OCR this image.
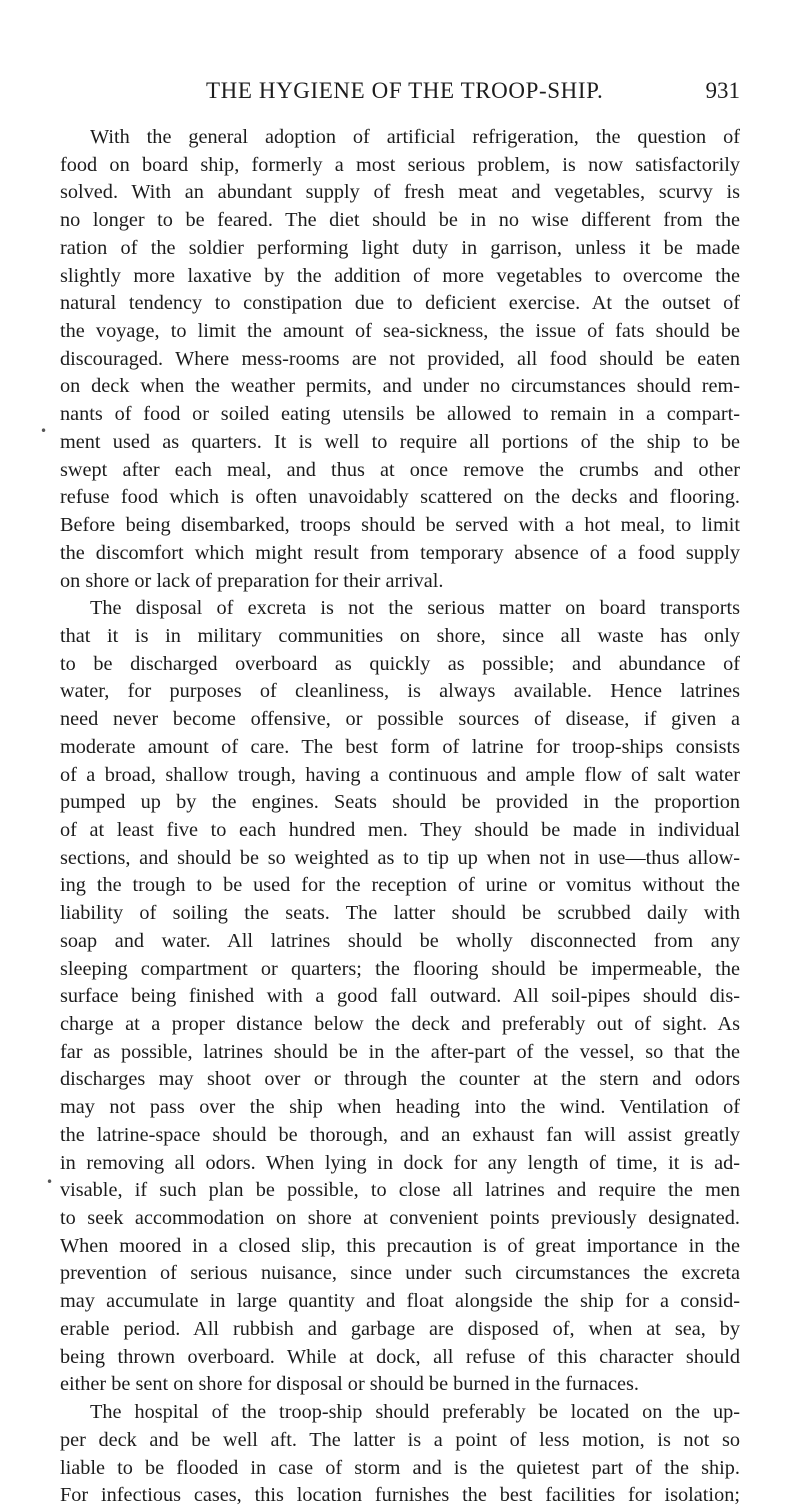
THE HYGIENE OF THE TROOP-SHIP.	931
With the general adoption of artificial refrigeration, the question of
food on board ship, formerly a most serious problem, is now satisfactorily
solved. With an abundant supply of fresh meat and vegetables, scurvy is
no longer to be feared. The diet should be in no wise different from the
ration of the soldier performing light duty in garrison, unless it be made
slightly more laxative by the addition of more vegetables to overcome the
natural tendency to constipation due to deficient exercise. At the outset of
the voyage, to limit the amount of sea-sickness, the issue of fats should be
discouraged. Where mess-rooms are not provided, all food should be eaten
on deck when the weather permits, and under no circumstances should rem-
nants of food or soiled eating utensils be allowed to remain in a compart-
ment used as quarters. It is well to require all portions of the ship to be
swept after each meal, and thus at once remove the crumbs and other
refuse food which is often unavoidably scattered on the decks and flooring.
Before being disembarked, troops should be served with a hot meal, to limit
the discomfort which might result from temporary absence of a food supply
on shore or lack of preparation for their arrival.
The disposal of excreta is not the serious matter on board transports
that it is in military communities on shore, since all waste has only
to be discharged overboard as quickly as possible; and abundance of
water, for purposes of cleanliness, is always available. Hence latrines
need never become offensive, or possible sources of disease, if given a
moderate amount of care. The best form of latrine for troop-ships consists
of a broad, shallow trough, having a continuous and ample flow of salt water
pumped up by the engines. Seats should be provided in the proportion
of at least five to each hundred men. They should be made in individual
sections, and should be so weighted as to tip up when not in use—thus allow-
ing the trough to be used for the reception of urine or vomitus without the
liability of soiling the seats. The latter should be scrubbed daily with
soap and water. All latrines should be wholly disconnected from any
sleeping compartment or quarters; the flooring should be impermeable, the
surface being finished with a good fall outward. All soil-pipes should dis-
charge at a proper distance below the deck and preferably out of sight. As
far as possible, latrines should be in the after-part of the vessel, so that the
discharges may shoot over or through the counter at the stern and odors
may not pass over the ship when heading into the wind. Ventilation of
the latrine-space should be thorough, and an exhaust fan will assist greatly
in removing all odors. When lying in dock for any length of time, it is ad-
visable, if such plan be possible, to close all latrines and require the men
to seek accommodation on shore at convenient points previously designated.
When moored in a closed slip, this precaution is of great importance in the
prevention of serious nuisance, since under such circumstances the excreta
may accumulate in large quantity and float alongside the ship for a consid-
erable period. All rubbish and garbage are disposed of, when at sea, by
being thrown overboard. While at dock, all refuse of this character should
either be sent on shore for disposal or should be burned in the furnaces.
The hospital of the troop-ship should preferably be located on the up-
per deck and be well aft. The latter is a point of less motion, is not so
liable to be flooded in case of storm and is the quietest part of the ship.
For infectious cases, this location furnishes the best facilities for isolation;
•
•
